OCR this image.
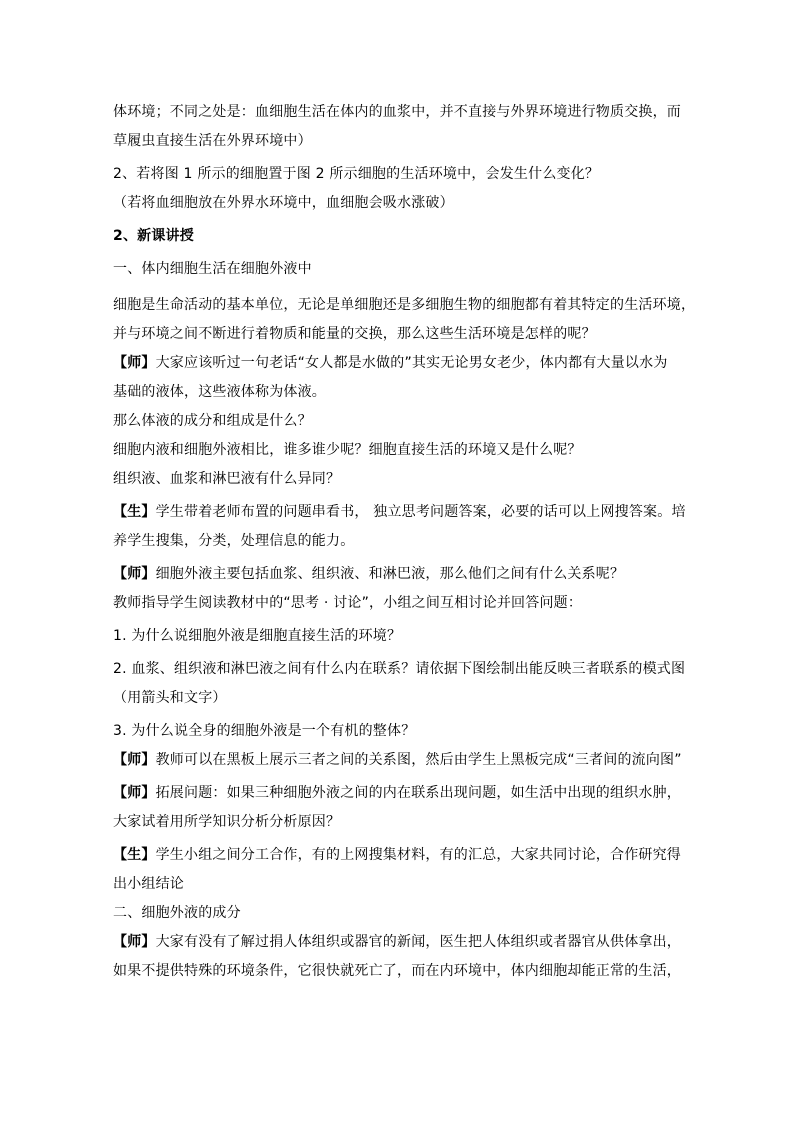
体环境；不同之处是：血细胞生活在体内的血浆中，并不直接与外界环境进行物质交换，而

草履虫直接生活在外界环境中）

2、若将图 1 所示的细胞置于图 2 所示细胞的生活环境中，会发生什么变化？

（若将血细胞放在外界水环境中，血细胞会吸水涨破）

2、新课讲授

一、体内细胞生活在细胞外液中

细胞是生命活动的基本单位，无论是单细胞还是多细胞生物的细胞都有着其特定的生活环境，

并与环境之间不断进行着物质和能量的交换，那么这些生活环境是怎样的呢？

【师】大家应该听过一句老话“女人都是水做的”其实无论男女老少，体内都有大量以水为

基础的液体，这些液体称为体液。

那么体液的成分和组成是什么？

细胞内液和细胞外液相比，谁多谁少呢？细胞直接生活的环境又是什么呢？

组织液、血浆和淋巴液有什么异同？

【生】学生带着老师布置的问题串看书， 独立思考问题答案，必要的话可以上网搜答案。培

养学生搜集，分类，处理信息的能力。

【师】细胞外液主要包括血浆、组织液、和淋巴液，那么他们之间有什么关系呢？

教师指导学生阅读教材中的“思考 · 讨论”，小组之间互相讨论并回答问题：

1. 为什么说细胞外液是细胞直接生活的环境？

2. 血浆、组织液和淋巴液之间有什么内在联系？请依据下图绘制出能反映三者联系的模式图

（用箭头和文字）

3. 为什么说全身的细胞外液是一个有机的整体？

【师】教师可以在黑板上展示三者之间的关系图，然后由学生上黑板完成“三者间的流向图”

【师】拓展问题：如果三种细胞外液之间的内在联系出现问题，如生活中出现的组织水肿，

大家试着用所学知识分析分析原因？

【生】学生小组之间分工合作，有的上网搜集材料，有的汇总，大家共同讨论，合作研究得

出小组结论

二、细胞外液的成分

【师】大家有没有了解过捐人体组织或器官的新闻，医生把人体组织或者器官从供体拿出，

如果不提供特殊的环境条件，它很快就死亡了，而在内环境中，体内细胞却能正常的生活，
